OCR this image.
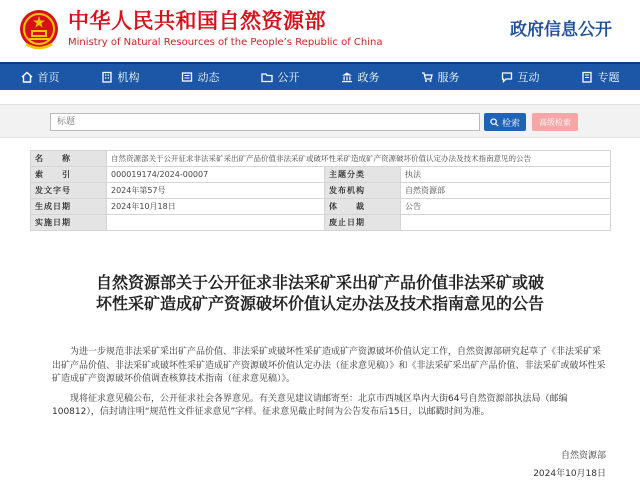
中华人民共和国自然资源部
Ministry of Natural Resources of the People’s Republic of China
政府信息公开
首页	机构	动态	公开	政务	服务	互动	专题
标题
检索	高级检索
名　　称	自然资源部关于公开征求非法采矿采出矿产品价值非法采矿或破坏性采矿造成矿产资源破坏价值认定办法及技术指南意见的公告		
索　　引	000019174/2024-00007	主题分类	执法
发文字号	2024年第57号	发布机构	自然资源部
生成日期	2024年10月18日	体　　裁	公告
实施日期		废止日期	
自然资源部关于公开征求非法采矿采出矿产品价值非法采矿或破坏性采矿造成矿产资源破坏价值认定办法及技术指南意见的公告

为进一步规范非法采矿采出矿产品价值、非法采矿或破坏性采矿造成矿产资源破坏价值认定工作，自然资源部研究起草了《非法采矿采出矿产品价值、非法采矿或破坏性采矿造成矿产资源破坏价值认定办法（征求意见稿）》和《非法采矿采出矿产品价值、非法采矿或破坏性采矿造成矿产资源破坏价值调查核算技术指南（征求意见稿）》。

现将征求意见稿公布，公开征求社会各界意见。有关意见建议请邮寄至：北京市西城区阜内大街64号自然资源部执法局（邮编100812），信封请注明“规范性文件征求意见”字样。征求意见截止时间为公告发布后15日，以邮戳时间为准。

自然资源部
2024年10月18日
